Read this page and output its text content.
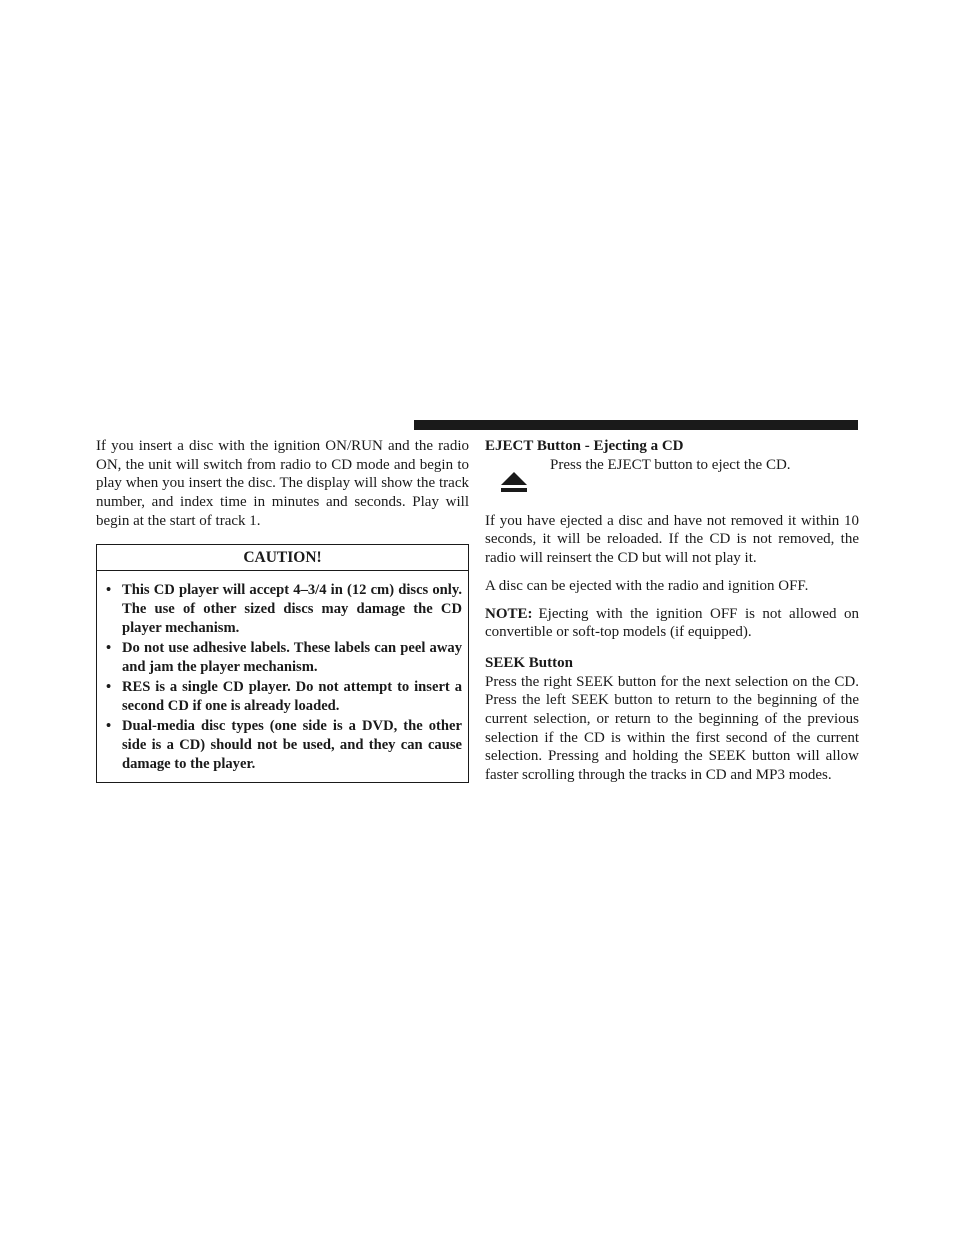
If you insert a disc with the ignition ON/RUN and the radio ON, the unit will switch from radio to CD mode and begin to play when you insert the disc. The display will show the track number, and index time in minutes and seconds. Play will begin at the start of track 1.

CAUTION!
• This CD player will accept 4–3/4 in (12 cm) discs only. The use of other sized discs may damage the CD player mechanism.
• Do not use adhesive labels. These labels can peel away and jam the player mechanism.
• RES is a single CD player. Do not attempt to insert a second CD if one is already loaded.
• Dual-media disc types (one side is a DVD, the other side is a CD) should not be used, and they can cause damage to the player.

EJECT Button - Ejecting a CD

Press the EJECT button to eject the CD.

If you have ejected a disc and have not removed it within 10 seconds, it will be reloaded. If the CD is not removed, the radio will reinsert the CD but will not play it.

A disc can be ejected with the radio and ignition OFF.

NOTE: Ejecting with the ignition OFF is not allowed on convertible or soft-top models (if equipped).

SEEK Button

Press the right SEEK button for the next selection on the CD. Press the left SEEK button to return to the beginning of the current selection, or return to the beginning of the previous selection if the CD is within the first second of the current selection. Pressing and holding the SEEK button will allow faster scrolling through the tracks in CD and MP3 modes.
